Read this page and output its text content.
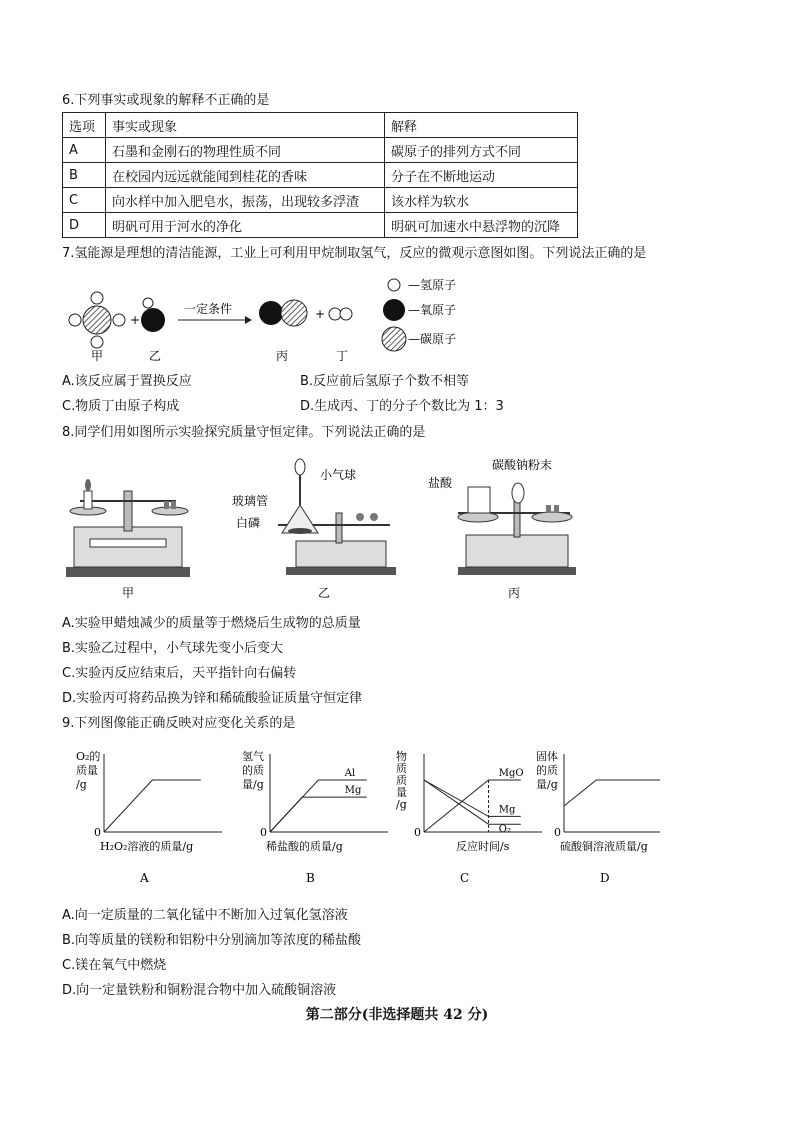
6.下列事实或现象的解释不正确的是
选项	事实或现象	解释
A	石墨和金刚石的物理性质不同	碳原子的排列方式不同
B	在校园内远远就能闻到桂花的香味	分子在不断地运动
C	向水样中加入肥皂水，振荡，出现较多浮渣	该水样为软水
D	明矾可用于河水的净化	明矾可加速水中悬浮物的沉降
7.氢能源是理想的清洁能源，工业上可利用甲烷制取氢气，反应的微观示意图如图。下列说法正确的是
+
一定条件	+
甲	乙	丙	丁
—氢原子
—氧原子
—碳原子
A.该反应属于置换反应	B.反应前后氢原子个数不相等
C.物质丁由原子构成	D.生成丙、丁的分子个数比为 1：3
8.同学们用如图所示实验探究质量守恒定律。下列说法正确的是
甲
小气球
玻璃管
白磷
乙
盐酸
碳酸钠粉末
丙
A.实验甲蜡烛减少的质量等于燃烧后生成物的总质量
B.实验乙过程中，小气球先变小后变大
C.实验丙反应结束后，天平指针向右偏转
D.实验丙可将药品换为锌和稀硫酸验证质量守恒定律
9.下列图像能正确反映对应变化关系的是
0
O₂的
质量
/g
H₂O₂溶液的质量/g
A
0
氢气
的质
量/g
稀盐酸的质量/g
B
Al
Mg
0
物
质
质
量
/g
反应时间/s
C
MgO
Mg
O₂	0
固体
的质
量/g
硫酸铜溶液质量/g
D
A.向一定质量的二氧化锰中不断加入过氧化氢溶液
B.向等质量的镁粉和铝粉中分别滴加等浓度的稀盐酸
C.镁在氧气中燃烧
D.向一定量铁粉和铜粉混合物中加入硫酸铜溶液
第二部分(非选择题共 42 分)
